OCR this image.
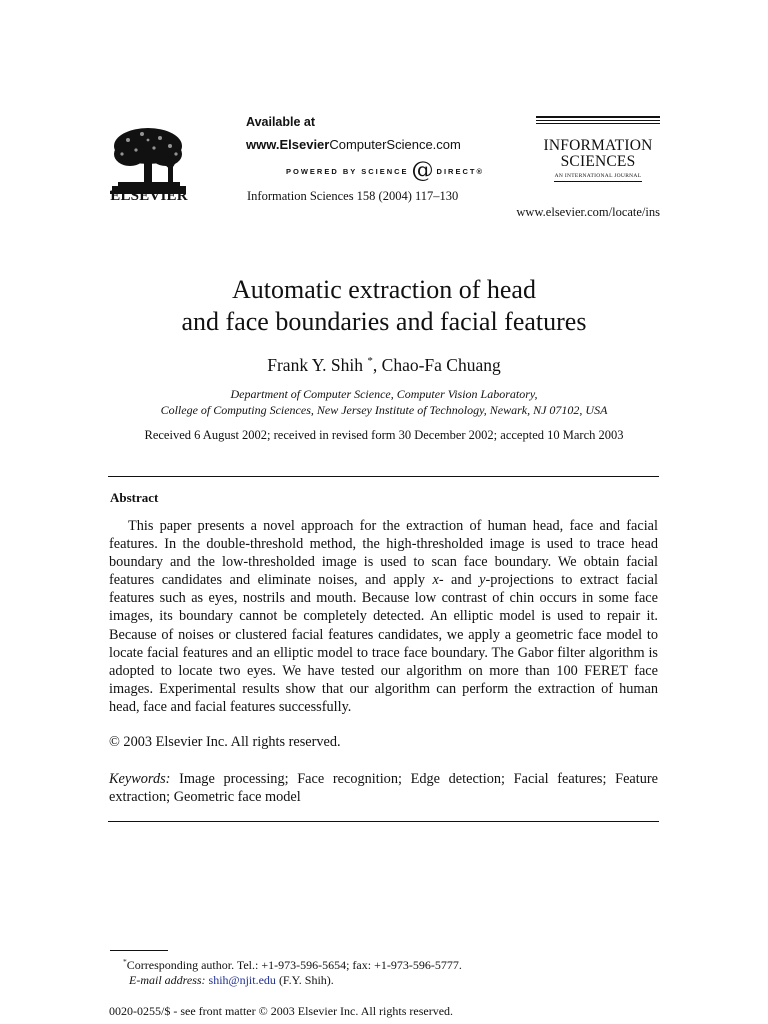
ELSEVIER
Available at
www.ElsevierComputerScience.com
POWERED BY SCIENCE @ DIRECT®
Information Sciences 158 (2004) 117–130
INFORMATION
SCIENCES
AN INTERNATIONAL JOURNAL
www.elsevier.com/locate/ins
Automatic extraction of head
and face boundaries and facial features
Frank Y. Shih *, Chao-Fa Chuang
Department of Computer Science, Computer Vision Laboratory,
College of Computing Sciences, New Jersey Institute of Technology, Newark, NJ 07102, USA
Received 6 August 2002; received in revised form 30 December 2002; accepted 10 March 2003
Abstract
This paper presents a novel approach for the extraction of human head, face and facial features. In the double-threshold method, the high-thresholded image is used to trace head boundary and the low-thresholded image is used to scan face boundary. We obtain facial features candidates and eliminate noises, and apply x- and y-projections to extract facial features such as eyes, nostrils and mouth. Because low contrast of chin occurs in some face images, its boundary cannot be completely detected. An elliptic model is used to repair it. Because of noises or clustered facial features candidates, we apply a geometric face model to locate facial features and an elliptic model to trace face boundary. The Gabor filter algorithm is adopted to locate two eyes. We have tested our algorithm on more than 100 FERET face images. Experimental results show that our algorithm can perform the extraction of human head, face and facial features successfully.
© 2003 Elsevier Inc. All rights reserved.
Keywords: Image processing; Face recognition; Edge detection; Facial features; Feature extraction; Geometric face model
*Corresponding author. Tel.: +1-973-596-5654; fax: +1-973-596-5777.
E-mail address: shih@njit.edu (F.Y. Shih).
0020-0255/$ - see front matter © 2003 Elsevier Inc. All rights reserved.
